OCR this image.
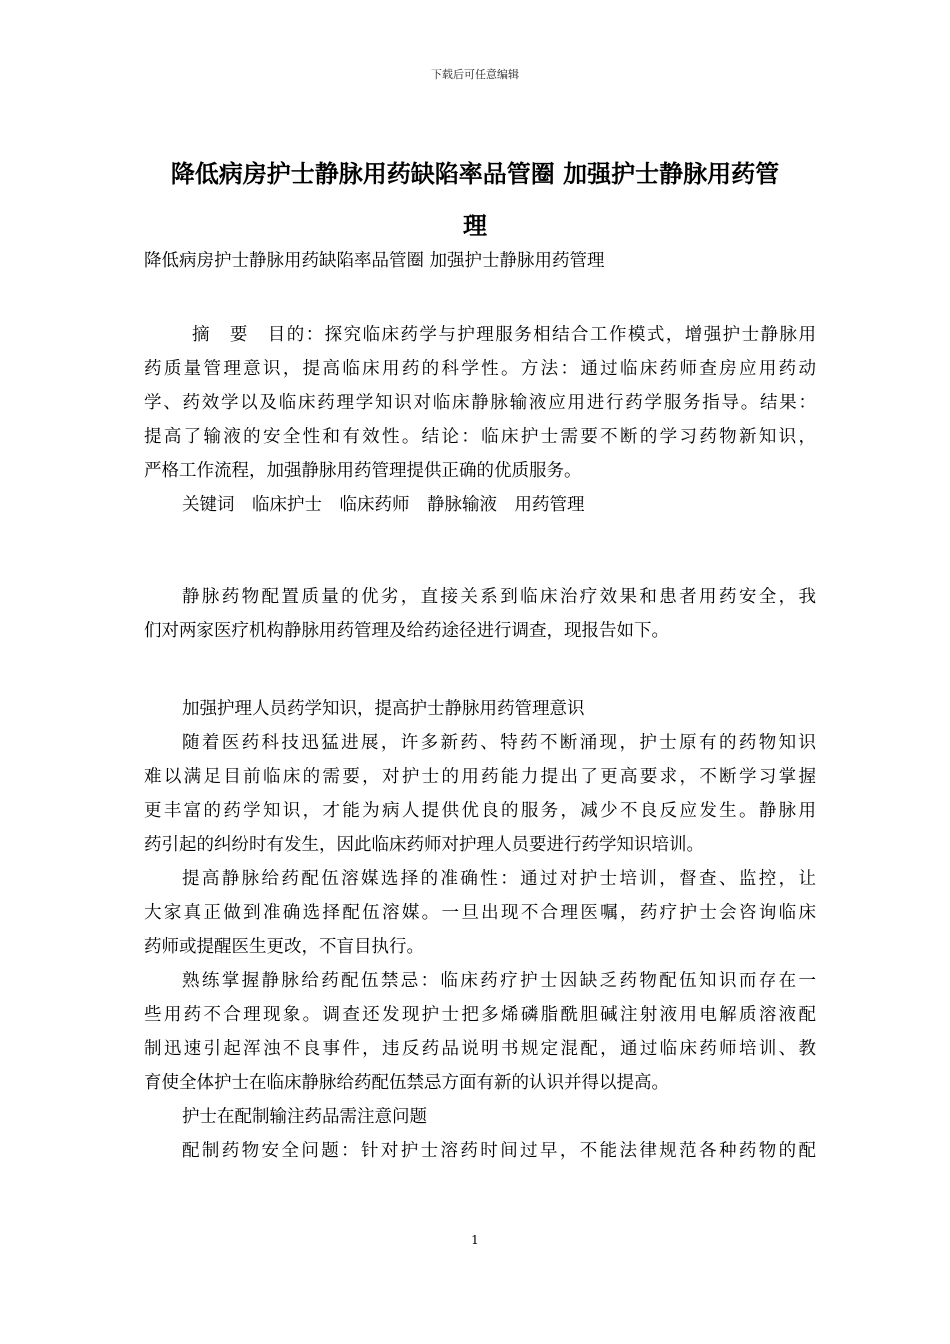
下载后可任意编辑
降低病房护士静脉用药缺陷率品管圈 加强护士静脉用药管
理
降低病房护士静脉用药缺陷率品管圈 加强护士静脉用药管理
摘　要　目的：探究临床药学与护理服务相结合工作模式，增强护士静脉用
药质量管理意识，提高临床用药的科学性。方法：通过临床药师查房应用药动
学、药效学以及临床药理学知识对临床静脉输液应用进行药学服务指导。结果：
提高了输液的安全性和有效性。结论：临床护士需要不断的学习药物新知识，
严格工作流程，加强静脉用药管理提供正确的优质服务。
关键词　临床护士　临床药师　静脉输液　用药管理
静脉药物配置质量的优劣，直接关系到临床治疗效果和患者用药安全，我
们对两家医疗机构静脉用药管理及给药途径进行调查，现报告如下。
加强护理人员药学知识，提高护士静脉用药管理意识
随着医药科技迅猛进展，许多新药、特药不断涌现，护士原有的药物知识
难以满足目前临床的需要，对护士的用药能力提出了更高要求，不断学习掌握
更丰富的药学知识，才能为病人提供优良的服务，减少不良反应发生。静脉用
药引起的纠纷时有发生，因此临床药师对护理人员要进行药学知识培训。
提高静脉给药配伍溶媒选择的准确性：通过对护士培训，督查、监控，让
大家真正做到准确选择配伍溶媒。一旦出现不合理医嘱，药疗护士会咨询临床
药师或提醒医生更改，不盲目执行。
熟练掌握静脉给药配伍禁忌：临床药疗护士因缺乏药物配伍知识而存在一
些用药不合理现象。调查还发现护士把多烯磷脂酰胆碱注射液用电解质溶液配
制迅速引起浑浊不良事件，违反药品说明书规定混配，通过临床药师培训、教
育使全体护士在临床静脉给药配伍禁忌方面有新的认识并得以提高。
护士在配制输注药品需注意问题
配制药物安全问题：针对护士溶药时间过早，不能法律规范各种药物的配
1
